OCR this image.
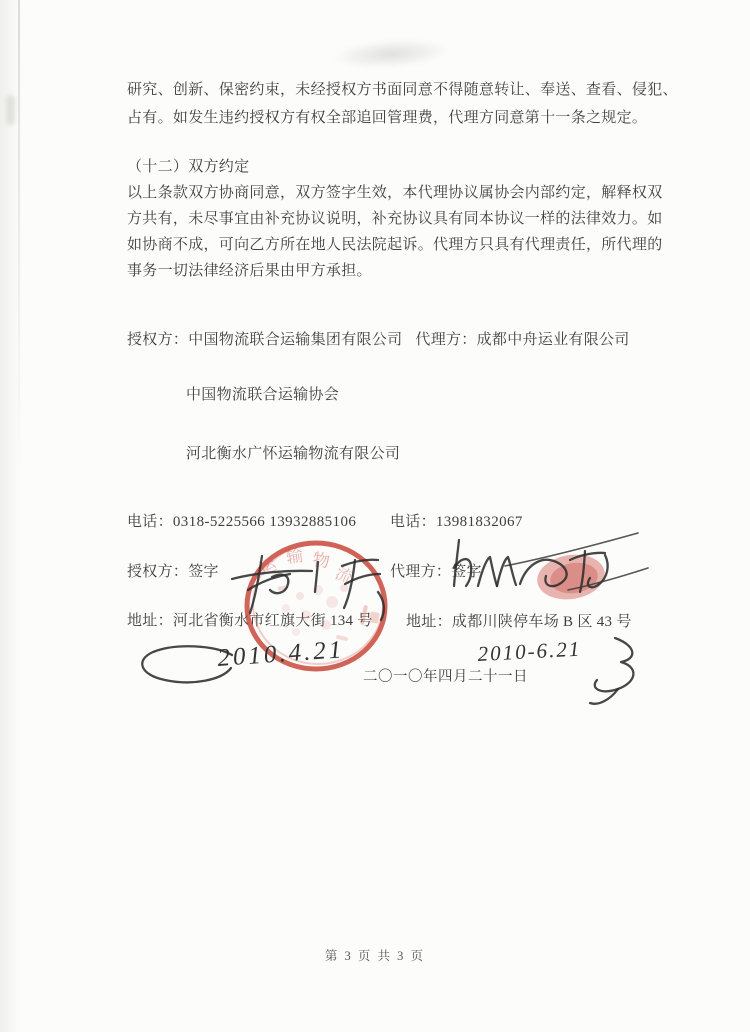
研究、创新、保密约束，未经授权方书面同意不得随意转让、奉送、查看、侵犯、
占有。如发生违约授权方有权全部追回管理费，代理方同意第十一条之规定。
（十二）双方约定
以上条款双方协商同意，双方签字生效，本代理协议属协会内部约定，解释权双
方共有，未尽事宜由补充协议说明，补充协议具有同本协议一样的法律效力。如
如协商不成，可向乙方所在地人民法院起诉。代理方只具有代理责任，所代理的
事务一切法律经济后果由甲方承担。
授权方：中国物流联合运输集团有限公司 代理方：成都中舟运业有限公司
中国物流联合运输协会
河北衡水广怀运输物流有限公司
电话：0318-5225566 13932885106 电话：13981832067
授权方：签字	代理方：签字
地址：河北省衡水市红旗大街 134 号 地址：成都川陕停车场 B 区 43 号
二〇一〇年四月二十一日
第 3 页 共 3 页
运 输 物
流
2010.4.21	2010-6.21
